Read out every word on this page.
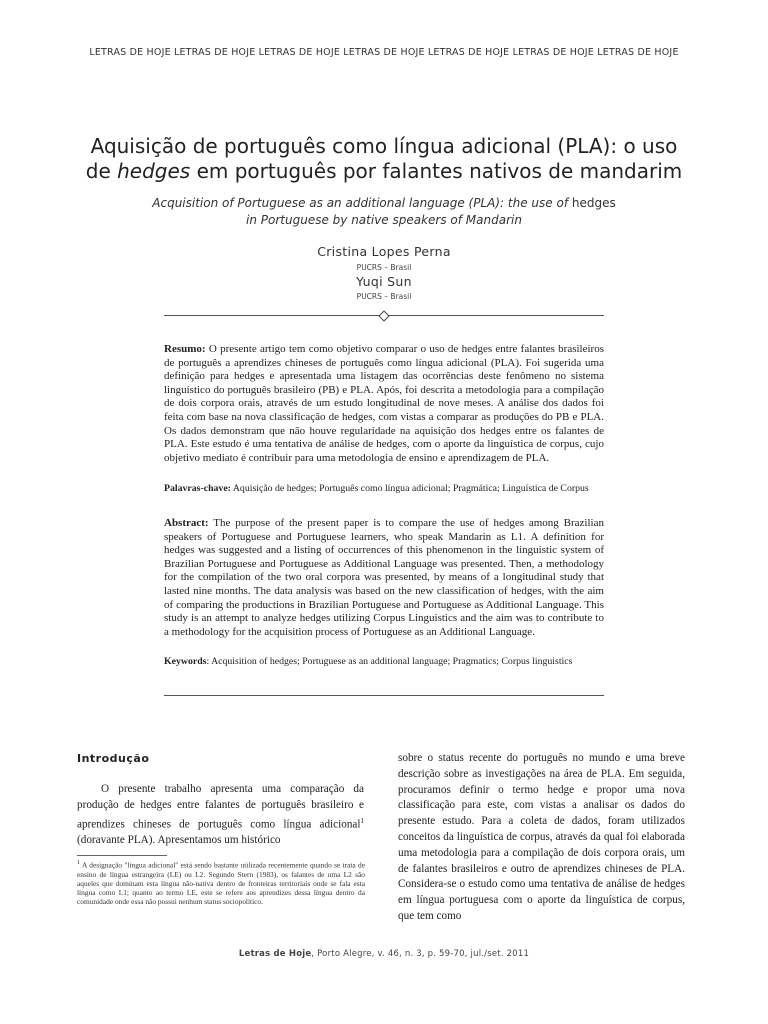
LETRAS DE HOJE LETRAS DE HOJE LETRAS DE HOJE LETRAS DE HOJE LETRAS DE HOJE LETRAS DE HOJE LETRAS DE HOJE
Aquisição de português como língua adicional (PLA): o uso
de hedges em português por falantes nativos de mandarim
Acquisition of Portuguese as an additional language (PLA): the use of hedges
in Portuguese by native speakers of Mandarin
Cristina Lopes Perna
PUCRS – Brasil
Yuqi Sun
PUCRS – Brasil
Resumo: O presente artigo tem como objetivo comparar o uso de hedges entre falantes brasileiros de português a aprendizes chineses de português como língua adicional (PLA). Foi sugerida uma definição para hedges e apresentada uma listagem das ocorrências deste fenômeno no sistema linguístico do português brasileiro (PB) e PLA. Após, foi descrita a metodologia para a compilação de dois corpora orais, através de um estudo longitudinal de nove meses. A análise dos dados foi feita com base na nova classificação de hedges, com vistas a comparar as produções do PB e PLA. Os dados demonstram que não houve regularidade na aquisição dos hedges entre os falantes de PLA. Este estudo é uma tentativa de análise de hedges, com o aporte da linguística de corpus, cujo objetivo mediato é contribuir para uma metodologia de ensino e aprendizagem de PLA.
Palavras-chave: Aquisição de hedges; Português como língua adicional; Pragmática; Linguística de Corpus
Abstract: The purpose of the present paper is to compare the use of hedges among Brazilian speakers of Portuguese and Portuguese learners, who speak Mandarin as L1. A definition for hedges was suggested and a listing of occurrences of this phenomenon in the linguistic system of Brazilian Portuguese and Portuguese as Additional Language was presented. Then, a methodology for the compilation of the two oral corpora was presented, by means of a longitudinal study that lasted nine months. The data analysis was based on the new classification of hedges, with the aim of comparing the productions in Brazilian Portuguese and Portuguese as Additional Language. This study is an attempt to analyze hedges utilizing Corpus Linguistics and the aim was to contribute to a methodology for the acquisition process of Portuguese as an Additional Language.
Keywords: Acquisition of hedges; Portuguese as an additional language; Pragmatics; Corpus linguistics
Introdução
O presente trabalho apresenta uma comparação da produção de hedges entre falantes de português brasileiro e aprendizes chineses de português como língua adicional$^1$ (doravante PLA). Apresentamos um histórico
sobre o status recente do português no mundo e uma breve descrição sobre as investigações na área de PLA. Em seguida, procuramos definir o termo hedge e propor uma nova classificação para este, com vistas a analisar os dados do presente estudo. Para a coleta de dados, foram utilizados conceitos da linguística de corpus, através da qual foi elaborada uma metodologia para a compilação de dois corpora orais, um de falantes brasileiros e outro de aprendizes chineses de PLA. Considera-se o estudo como uma tentativa de análise de hedges em língua portuguesa com o aporte da linguística de corpus, que tem como
$^1$ A designação "língua adicional" está sendo bastante utilizada recentemente quando se trata de ensino de língua estrangeira (LE) ou L2. Segundo Stern (1983), os falantes de uma L2 são aqueles que dominam esta língua não-nativa dentro de fronteiras territoriais onde se fala esta língua como L1; quanto ao termo LE, este se refere aos aprendizes dessa língua dentro da comunidade onde essa não possui nenhum status sociopolítico.
Letras de Hoje, Porto Alegre, v. 46, n. 3, p. 59-70, jul./set. 2011
